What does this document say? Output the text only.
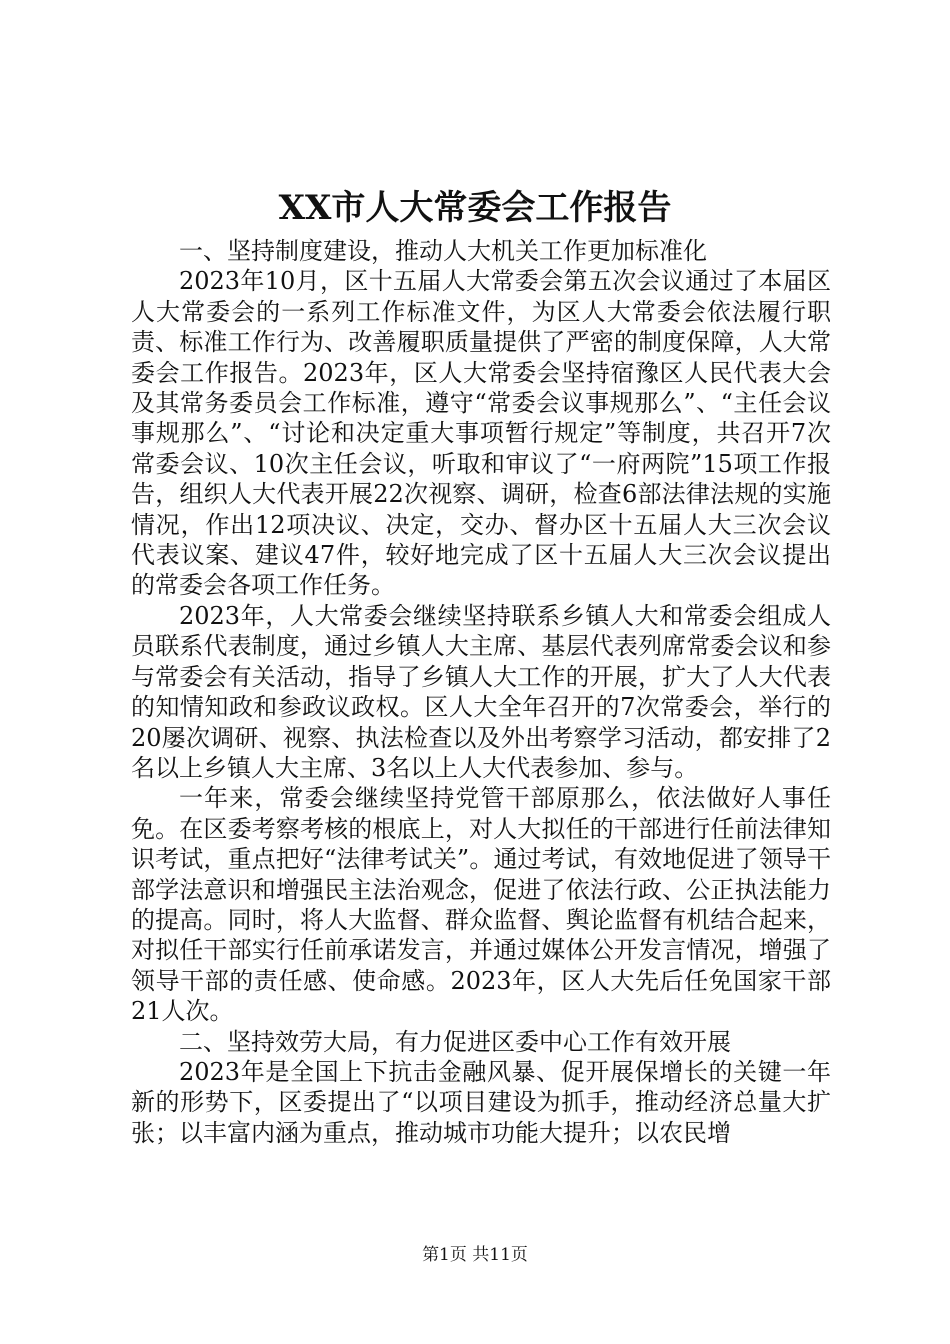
XX市人大常委会工作报告

一、坚持制度建设，推动人大机关工作更加标准化

2023年10月，区十五届人大常委会第五次会议通过了本届区人大常委会的一系列工作标准文件，为区人大常委会依法履行职责、标准工作行为、改善履职质量提供了严密的制度保障，人大常委会工作报告。2023年，区人大常委会坚持宿豫区人民代表大会及其常务委员会工作标准，遵守“常委会议事规那么”、“主任会议事规那么”、“讨论和决定重大事项暂行规定”等制度，共召开7次常委会议、10次主任会议，听取和审议了“一府两院”15项工作报告，组织人大代表开展22次视察、调研，检查6部法律法规的实施情况，作出12项决议、决定，交办、督办区十五届人大三次会议代表议案、建议47件，较好地完成了区十五届人大三次会议提出的常委会各项工作任务。

2023年，人大常委会继续坚持联系乡镇人大和常委会组成人员联系代表制度，通过乡镇人大主席、基层代表列席常委会议和参与常委会有关活动，指导了乡镇人大工作的开展，扩大了人大代表的知情知政和参政议政权。区人大全年召开的7次常委会，举行的20屡次调研、视察、执法检查以及外出考察学习活动，都安排了2名以上乡镇人大主席、3名以上人大代表参加、参与。

一年来，常委会继续坚持党管干部原那么，依法做好人事任免。在区委考察考核的根底上，对人大拟任的干部进行任前法律知识考试，重点把好“法律考试关”。通过考试，有效地促进了领导干部学法意识和增强民主法治观念，促进了依法行政、公正执法能力的提高。同时，将人大监督、群众监督、舆论监督有机结合起来，对拟任干部实行任前承诺发言，并通过媒体公开发言情况，增强了领导干部的责任感、使命感。2023年，区人大先后任免国家干部21人次。

二、坚持效劳大局，有力促进区委中心工作有效开展

2023年是全国上下抗击金融风暴、促开展保增长的关键一年新的形势下，区委提出了“以项目建设为抓手，推动经济总量大扩张；以丰富内涵为重点，推动城市功能大提升；以农民增

第1页 共11页
